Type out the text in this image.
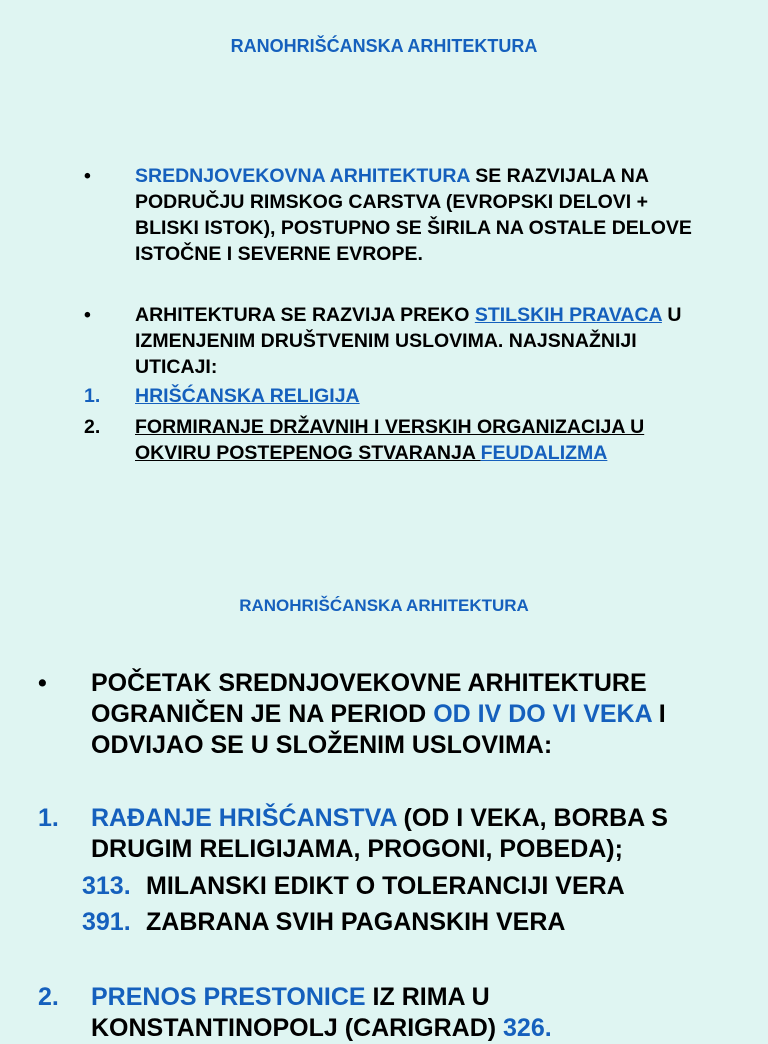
RANOHRIŠĆANSKA ARHITEKTURA
• SREDNJOVEKOVNA ARHITEKTURA SE RAZVIJALA NA PODRUČJU RIMSKOG CARSTVA (EVROPSKI DELOVI + BLISKI ISTOK), POSTUPNO SE ŠIRILA NA OSTALE DELOVE ISTOČNE I SEVERNE EVROPE.
• ARHITEKTURA SE RAZVIJA PREKO STILSKIH PRAVACA U IZMENJENIM DRUŠTVENIM USLOVIMA. NAJSNAŽNIJI UTICAJI:
1. HRIŠĆANSKA RELIGIJA
2. FORMIRANJE DRŽAVNIH I VERSKIH ORGANIZACIJA U OKVIRU POSTEPENOG STVARANJA FEUDALIZMA
RANOHRIŠĆANSKA ARHITEKTURA
• POČETAK SREDNJOVEKOVNE ARHITEKTURE OGRANIČEN JE NA PERIOD OD IV DO VI VEKA I ODVIJAO SE U SLOŽENIM USLOVIMA:
1. RAĐANJE HRIŠĆANSTVA (OD I VEKA, BORBA S DRUGIM RELIGIJAMA, PROGONI, POBEDA);
313. MILANSKI EDIKT O TOLERANCIJI VERA
391. ZABRANA SVIH PAGANSKIH VERA
2. PRENOS PRESTONICE IZ RIMA U KONSTANTINOPOLJ (CARIGRAD) 326.
